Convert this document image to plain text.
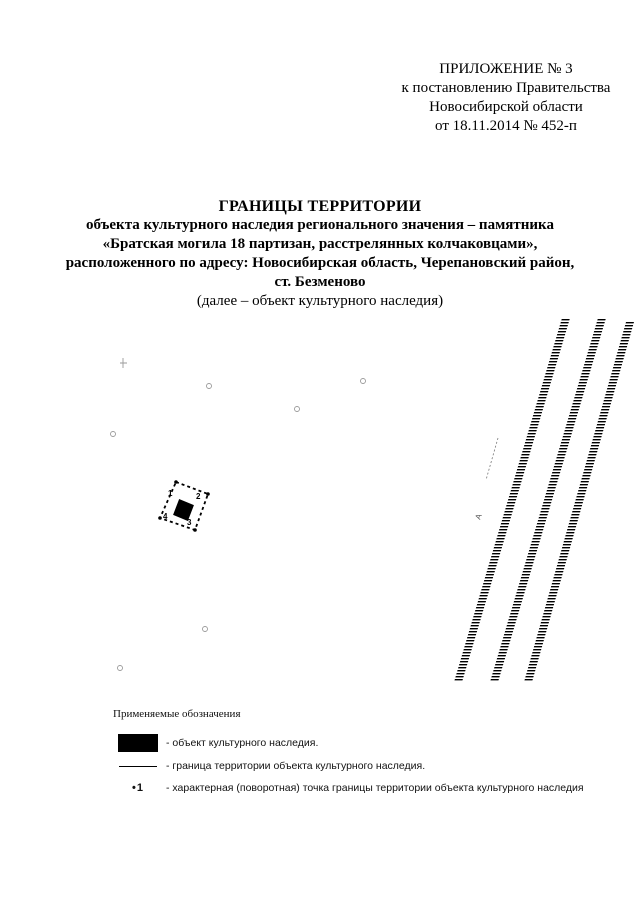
ПРИЛОЖЕНИЕ № 3
к постановлению Правительства
Новосибирской области
от 18.11.2014 № 452-п
ГРАНИЦЫ ТЕРРИТОРИИ
объекта культурного наследия регионального значения – памятника
«Братская могила 18 партизан, расстрелянных колчаковцами»,
расположенного по адресу: Новосибирская область, Черепановский район,
ст. Безменово
(далее – объект культурного наследия)
А
1	2
3
4
Применяемые обозначения
- объект культурного наследия.
- граница территории объекта культурного наследия.
•1 - характерная (поворотная) точка границы территории объекта культурного наследия
